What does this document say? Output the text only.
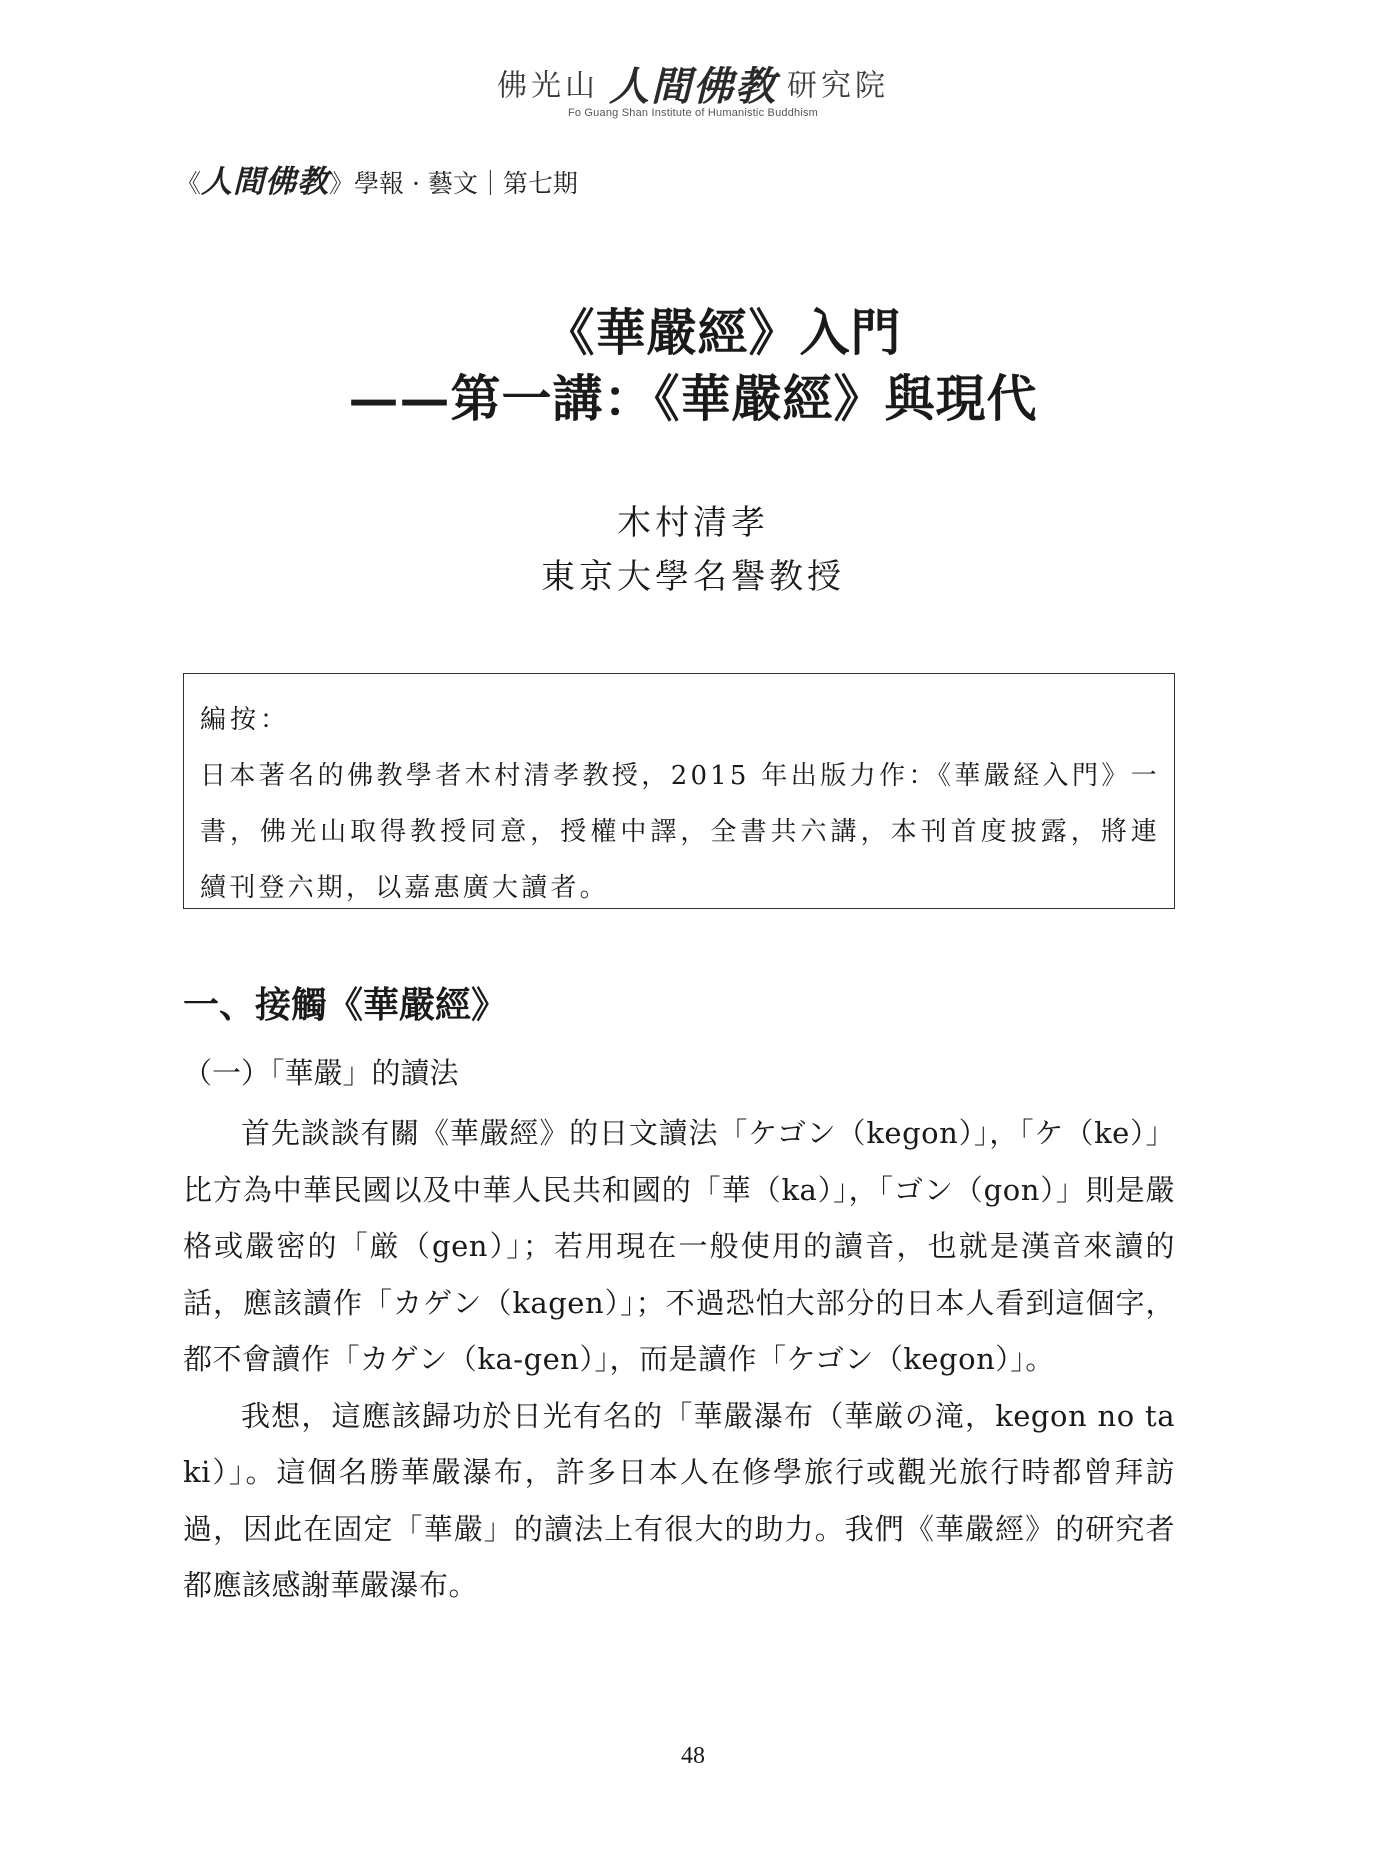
佛光山 人間佛教 研究院
Fo Guang Shan Institute of Humanistic Buddhism
《人間佛教》學報 · 藝文｜第七期
《華嚴經》入門
——第一講：《華嚴經》與現代
木村清孝
東京大學名譽教授
編按：

日本著名的佛教學者木村清孝教授，2015 年出版力作：《華嚴経入門》一書，佛光山取得教授同意，授權中譯，全書共六講，本刊首度披露，將連續刊登六期，以嘉惠廣大讀者。

一、接觸《華嚴經》
（一）「華嚴」的讀法

首先談談有關《華嚴經》的日文讀法「ケゴン（kegon）」，「ケ（ke）」比方為中華民國以及中華人民共和國的「華（ka）」，「ゴン（gon）」則是嚴格或嚴密的「厳（gen）」；若用現在一般使用的讀音，也就是漢音來讀的話，應該讀作「カゲン（kagen）」；不過恐怕大部分的日本人看到這個字，都不會讀作「カゲン（ka-gen）」，而是讀作「ケゴン（kegon）」。

我想，這應該歸功於日光有名的「華嚴瀑布（華厳の滝，kegon no taki）」。這個名勝華嚴瀑布，許多日本人在修學旅行或觀光旅行時都曾拜訪過，因此在固定「華嚴」的讀法上有很大的助力。我們《華嚴經》的研究者都應該感謝華嚴瀑布。

48
